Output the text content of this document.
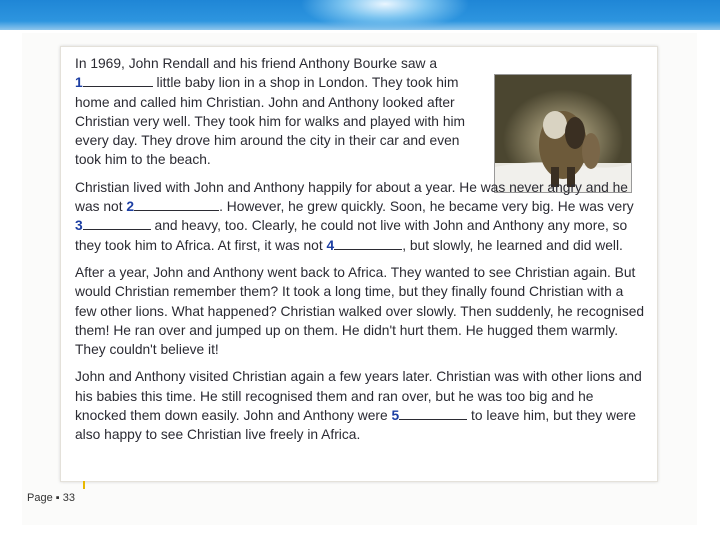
In 1969, John Rendall and his friend Anthony Bourke saw a
1	little baby lion in a shop in London. They took him home and called him Christian. John and Anthony looked after Christian very well. They took him for walks and played with him every day. They drove him around the city in their car and even took him to the beach.

Christian lived with John and Anthony happily for about a year. He was never angry and he was not 2	. However, he grew quickly. Soon, he became very big. He was very 3	and heavy, too. Clearly, he could not live with John and Anthony any more, so they took him to Africa. At first, it was not 4	, but slowly, he learned and did well.

After a year, John and Anthony went back to Africa. They wanted to see Christian again. But would Christian remember them? It took a long time, but they finally found Christian with a few other lions. What happened? Christian walked over slowly. Then suddenly, he recognised them! He ran over and jumped up on them. He didn't hurt them. He hugged them warmly. They couldn't believe it!

John and Anthony visited Christian again a few years later. Christian was with other lions and his babies this time. He still recognised them and ran over, but he was too big and he knocked them down easily. John and Anthony were 5	to leave him, but they were also happy to see Christian live freely in Africa.

Page ▪ 33
